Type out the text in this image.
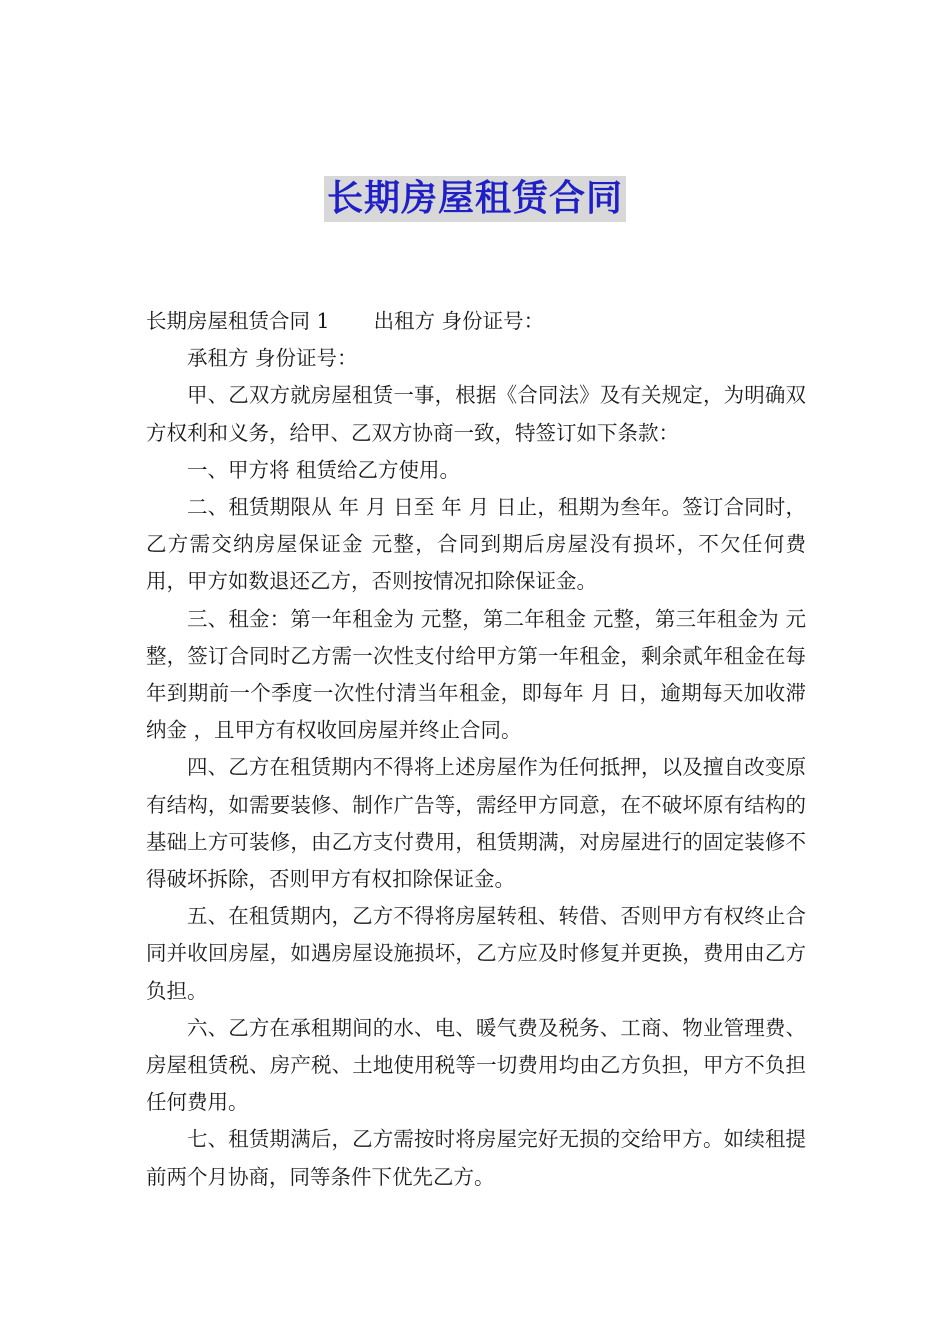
长期房屋租赁合同

长期房屋租赁合同 1 出租方 身份证号：

承租方 身份证号：

甲、乙双方就房屋租赁一事，根据《合同法》及有关规定，为明确双方权利和义务，给甲、乙双方协商一致，特签订如下条款：

一、甲方将 租赁给乙方使用。

二、租赁期限从 年 月 日至 年 月 日止，租期为叁年。签订合同时，乙方需交纳房屋保证金 元整，合同到期后房屋没有损坏，不欠任何费用，甲方如数退还乙方，否则按情况扣除保证金。

三、租金：第一年租金为 元整，第二年租金 元整，第三年租金为 元整，签订合同时乙方需一次性支付给甲方第一年租金，剩余贰年租金在每年到期前一个季度一次性付清当年租金，即每年 月 日，逾期每天加收滞纳金 ，且甲方有权收回房屋并终止合同。

四、乙方在租赁期内不得将上述房屋作为任何抵押，以及擅自改变原有结构，如需要装修、制作广告等，需经甲方同意，在不破坏原有结构的基础上方可装修，由乙方支付费用，租赁期满，对房屋进行的固定装修不得破坏拆除，否则甲方有权扣除保证金。

五、在租赁期内，乙方不得将房屋转租、转借、否则甲方有权终止合同并收回房屋，如遇房屋设施损坏，乙方应及时修复并更换，费用由乙方负担。

六、乙方在承租期间的水、电、暖气费及税务、工商、物业管理费、房屋租赁税、房产税、土地使用税等一切费用均由乙方负担，甲方不负担任何费用。

七、租赁期满后，乙方需按时将房屋完好无损的交给甲方。如续租提前两个月协商，同等条件下优先乙方。
